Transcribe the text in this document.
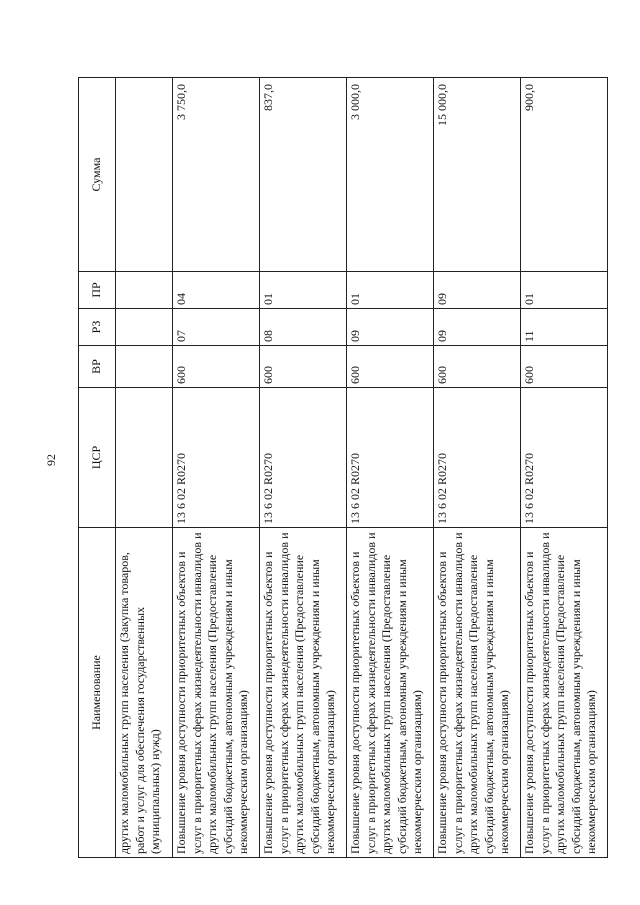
92
Наименование	ЦСР	ВР	РЗ	ПР	Сумма
других маломобильных групп населения (Закупка товаров, работ и услуг для обеспечения государственных (муниципальных) нужд)					
Повышение уровня доступности приоритетных объектов и услуг в приоритетных сферах жизнедеятельности инвалидов и других маломобильных групп населения (Предоставление субсидий бюджетным, автономным учреждениям и иным некоммерческим организациям)	13 6 02 R0270	600	07	04	3 750,0
Повышение уровня доступности приоритетных объектов и услуг в приоритетных сферах жизнедеятельности инвалидов и других маломобильных групп населения (Предоставление субсидий бюджетным, автономным учреждениям и иным некоммерческим организациям)	13 6 02 R0270	600	08	01	837,0
Повышение уровня доступности приоритетных объектов и услуг в приоритетных сферах жизнедеятельности инвалидов и других маломобильных групп населения (Предоставление субсидий бюджетным, автономным учреждениям и иным некоммерческим организациям)	13 6 02 R0270	600	09	01	3 000,0
Повышение уровня доступности приоритетных объектов и услуг в приоритетных сферах жизнедеятельности инвалидов и других маломобильных групп населения (Предоставление субсидий бюджетным, автономным учреждениям и иным некоммерческим организациям)	13 6 02 R0270	600	09	09	15 000,0
Повышение уровня доступности приоритетных объектов и услуг в приоритетных сферах жизнедеятельности инвалидов и других маломобильных групп населения (Предоставление субсидий бюджетным, автономным учреждениям и иным некоммерческим организациям)	13 6 02 R0270	600	11	01	900,0
